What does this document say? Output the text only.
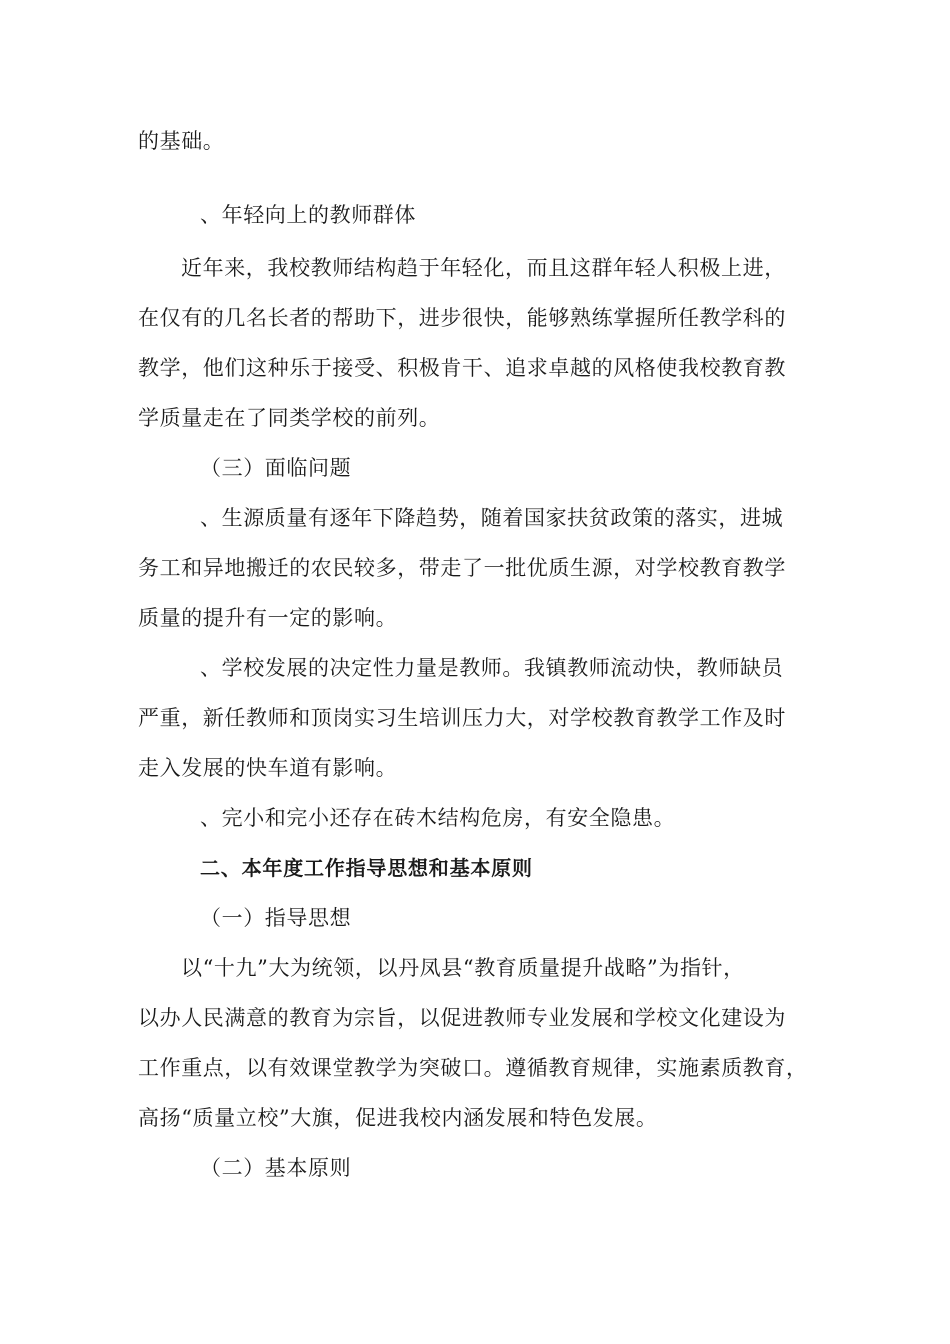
的基础。
、年轻向上的教师群体
近年来，我校教师结构趋于年轻化，而且这群年轻人积极上进，
在仅有的几名长者的帮助下，进步很快，能够熟练掌握所任教学科的
教学，他们这种乐于接受、积极肯干、追求卓越的风格使我校教育教
学质量走在了同类学校的前列。
（三）面临问题
、生源质量有逐年下降趋势，随着国家扶贫政策的落实，进城
务工和异地搬迁的农民较多，带走了一批优质生源，对学校教育教学
质量的提升有一定的影响。
、学校发展的决定性力量是教师。我镇教师流动快，教师缺员
严重，新任教师和顶岗实习生培训压力大，对学校教育教学工作及时
走入发展的快车道有影响。
、完小和完小还存在砖木结构危房，有安全隐患。
二、本年度工作指导思想和基本原则
（一）指导思想
以“十九”大为统领，以丹凤县“教育质量提升战略”为指针，
以办人民满意的教育为宗旨，以促进教师专业发展和学校文化建设为
工作重点，以有效课堂教学为突破口。遵循教育规律，实施素质教育，
高扬“质量立校”大旗，促进我校内涵发展和特色发展。
（二）基本原则
